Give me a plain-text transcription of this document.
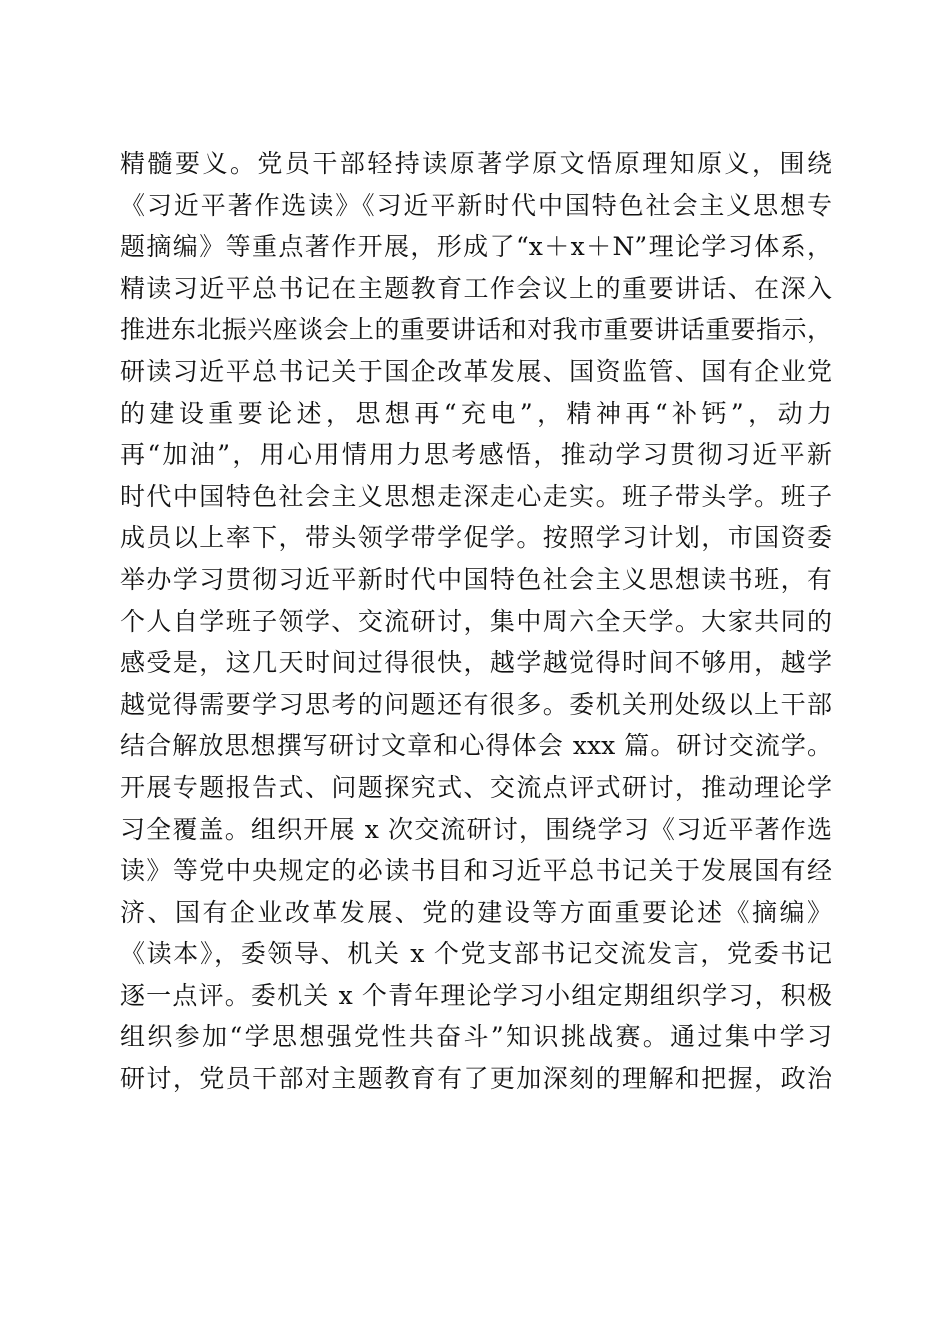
精髓要义。党员干部轻持读原著学原文悟原理知原义，围绕
《习近平著作选读》《习近平新时代中国特色社会主义思想专
题摘编》等重点著作开展，形成了“x＋x＋N”理论学习体系，
精读习近平总书记在主题教育工作会议上的重要讲话、在深入
推进东北振兴座谈会上的重要讲话和对我市重要讲话重要指示，
研读习近平总书记关于国企改革发展、国资监管、国有企业党
的建设重要论述，思想再“充电”，精神再“补钙”，动力
再“加油”，用心用情用力思考感悟，推动学习贯彻习近平新
时代中国特色社会主义思想走深走心走实。班子带头学。班子
成员以上率下，带头领学带学促学。按照学习计划，市国资委
举办学习贯彻习近平新时代中国特色社会主义思想读书班，有
个人自学班子领学、交流研讨，集中周六全天学。大家共同的
感受是，这几天时间过得很快，越学越觉得时间不够用，越学
越觉得需要学习思考的问题还有很多。委机关刑处级以上干部
结合解放思想撰写研讨文章和心得体会 xxx 篇。研讨交流学。
开展专题报告式、问题探究式、交流点评式研讨，推动理论学
习全覆盖。组织开展 x 次交流研讨，围绕学习《习近平著作选
读》等党中央规定的必读书目和习近平总书记关于发展国有经
济、国有企业改革发展、党的建设等方面重要论述《摘编》
《读本》，委领导、机关 x 个党支部书记交流发言，党委书记
逐一点评。委机关 x 个青年理论学习小组定期组织学习，积极
组织参加“学思想强党性共奋斗”知识挑战赛。通过集中学习
研讨，党员干部对主题教育有了更加深刻的理解和把握，政治
